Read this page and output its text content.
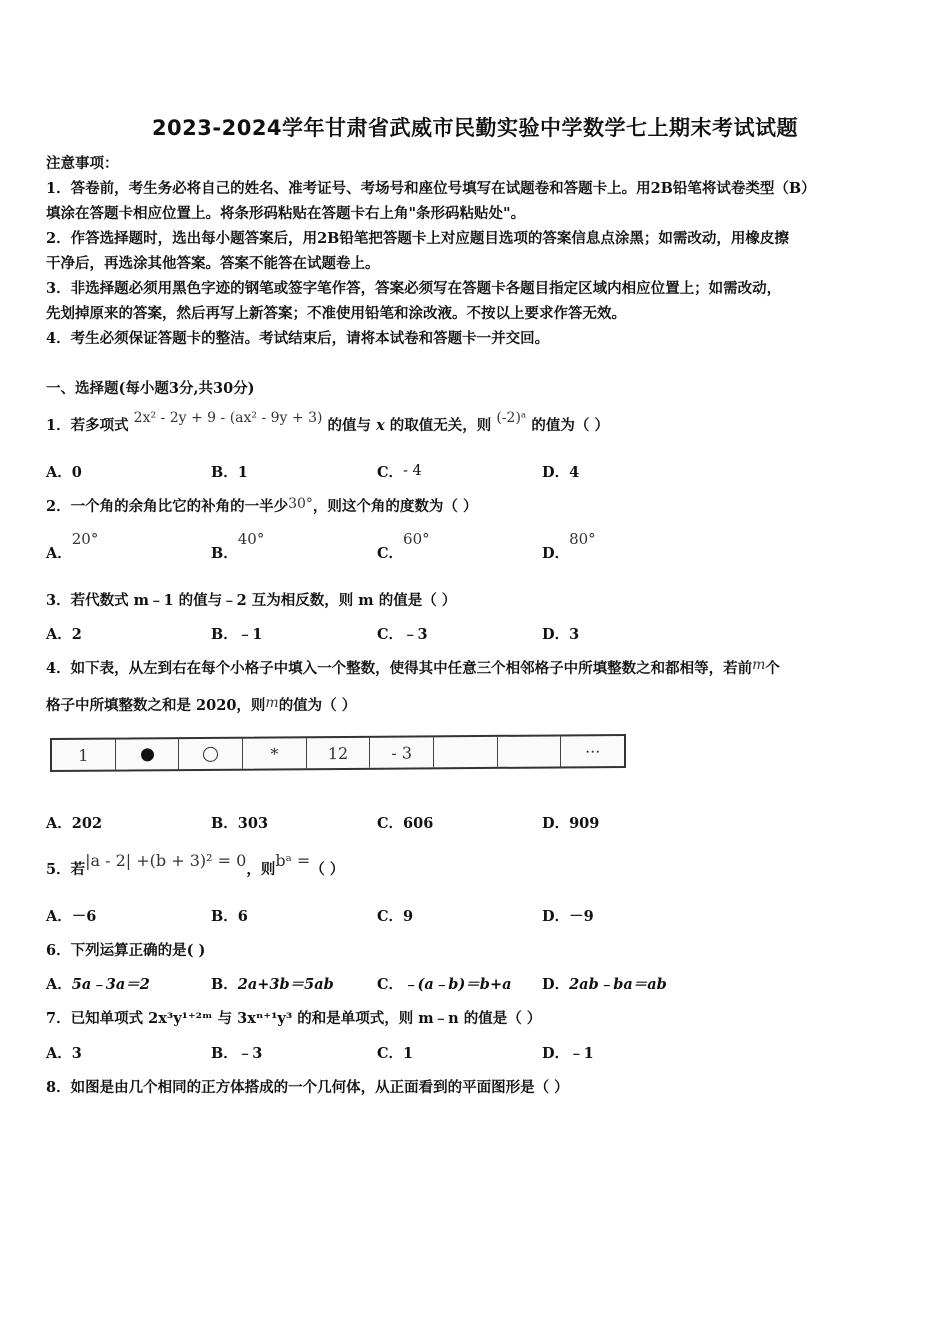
2023-2024学年甘肃省武威市民勤实验中学数学七上期末考试试题
注意事项：
1．答卷前，考生务必将自己的姓名、准考证号、考场号和座位号填写在试题卷和答题卡上。用2B铅笔将试卷类型（B）
填涂在答题卡相应位置上。将条形码粘贴在答题卡右上角"条形码粘贴处"。
2．作答选择题时，选出每小题答案后，用2B铅笔把答题卡上对应题目选项的答案信息点涂黑；如需改动，用橡皮擦
干净后，再选涂其他答案。答案不能答在试题卷上。
3．非选择题必须用黑色字迹的钢笔或签字笔作答，答案必须写在答题卡各题目指定区域内相应位置上；如需改动，
先划掉原来的答案，然后再写上新答案；不准使用铅笔和涂改液。不按以上要求作答无效。
4．考生必须保证答题卡的整洁。考试结束后，请将本试卷和答题卡一并交回。
一、选择题(每小题3分,共30分)
1．若多项式 2x² - 2y + 9 - (ax² - 9y + 3) 的值与 x 的取值无关，则 (-2)ᵃ 的值为（ ）
A．0	B．1	C．- 4	D．4
2．一个角的余角比它的补角的一半少30°，则这个角的度数为（ ）
A．20°
B．40°
C．60°
D．80°
3．若代数式 m﹣1 的值与﹣2 互为相反数，则 m 的值是（ ）
A．2	B．﹣1	C．﹣3	D．3
4．如下表，从左到右在每个小格子中填入一个整数，使得其中任意三个相邻格子中所填整数之和都相等，若前m个
格子中所填整数之和是 2020，则m的值为（ ）
1	*	12	- 3	···
A．202	B．303	C．606	D．909
5．若|a - 2| +(b + 3)² = 0，则bᵃ =（ ）
A．－6	B．6	C．9	D．－9
6．下列运算正确的是( )
A．5a﹣3a＝2	B．2a+3b＝5ab	C．﹣(a﹣b)＝b+a D．2ab﹣ba＝ab
7．已知单项式 2x³y¹⁺²ᵐ 与 3xⁿ⁺¹y³ 的和是单项式，则 m﹣n 的值是（ ）
A．3	B．﹣3	C．1	D．﹣1
8．如图是由几个相同的正方体搭成的一个几何体，从正面看到的平面图形是（ ）
